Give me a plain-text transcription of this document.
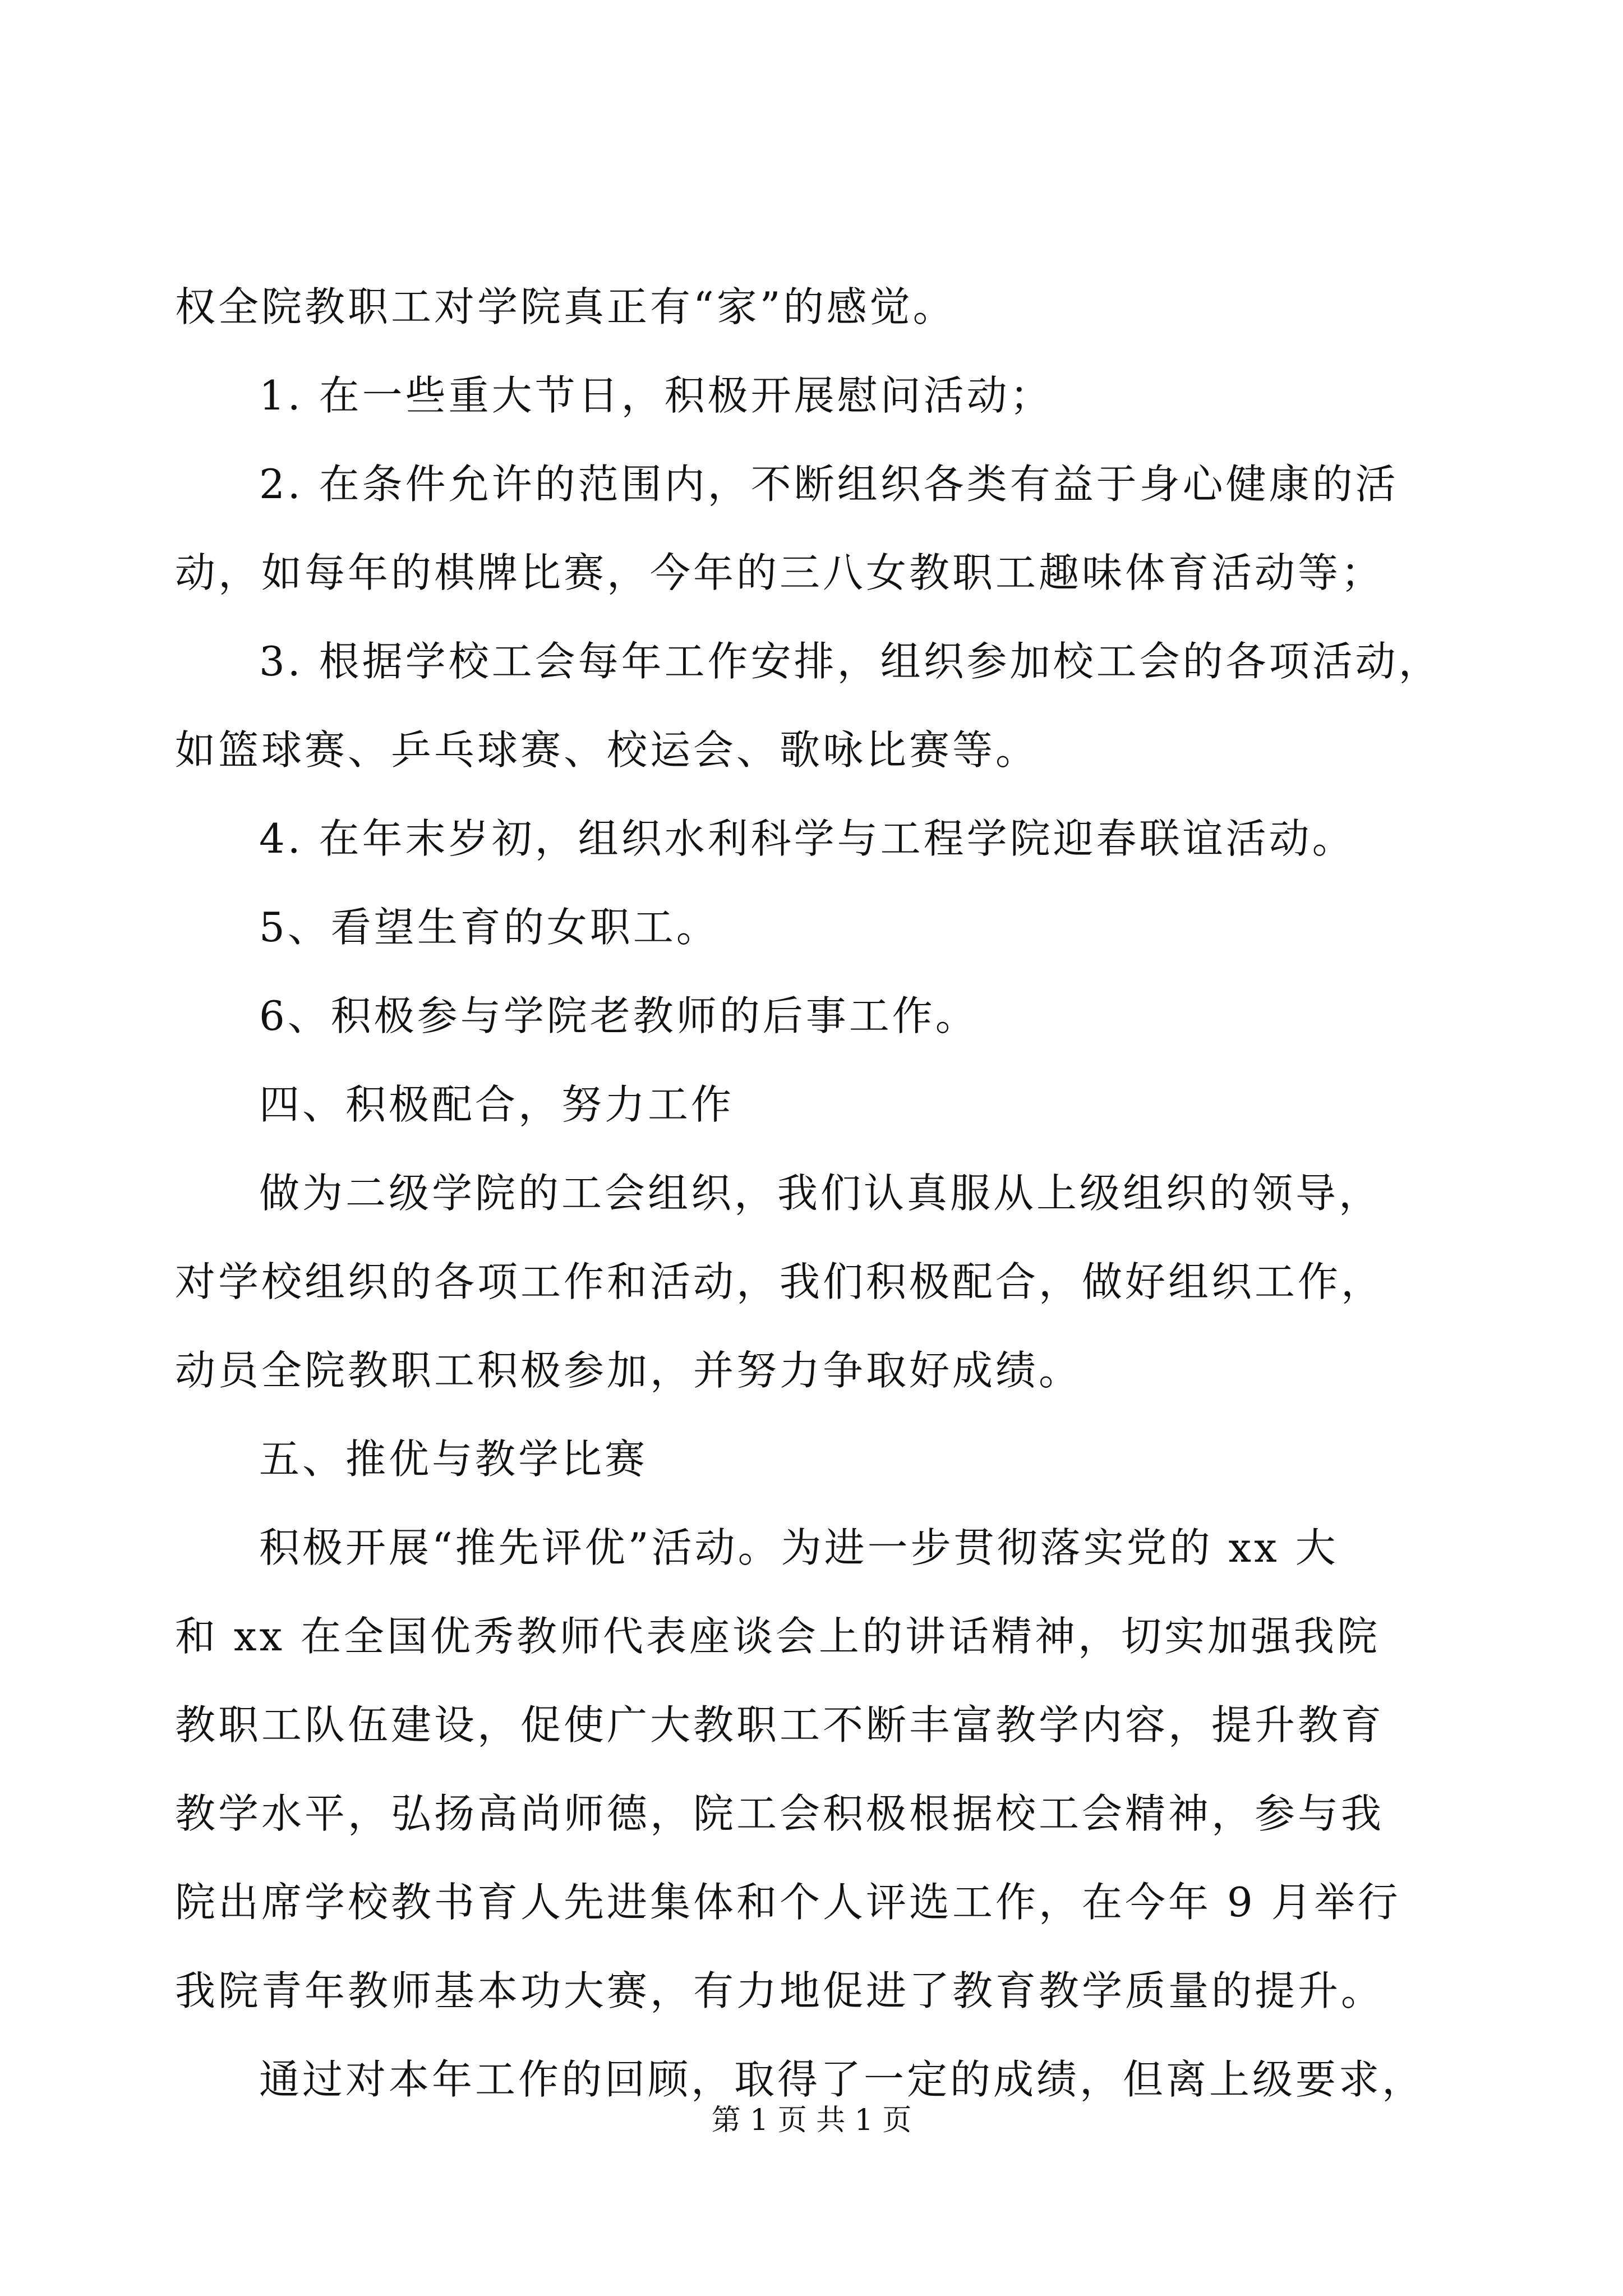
权全院教职工对学院真正有“家”的感觉。
1. 在一些重大节日，积极开展慰问活动；
2. 在条件允许的范围内，不断组织各类有益于身心健康的活
动，如每年的棋牌比赛，今年的三八女教职工趣味体育活动等；
3. 根据学校工会每年工作安排，组织参加校工会的各项活动，
如篮球赛、乒乓球赛、校运会、歌咏比赛等。
4. 在年末岁初，组织水利科学与工程学院迎春联谊活动。
5、看望生育的女职工。
6、积极参与学院老教师的后事工作。
四、积极配合，努力工作
做为二级学院的工会组织，我们认真服从上级组织的领导，
对学校组织的各项工作和活动，我们积极配合，做好组织工作，
动员全院教职工积极参加，并努力争取好成绩。
五、推优与教学比赛
积极开展“推先评优”活动。为进一步贯彻落实党的 xx 大
和 xx 在全国优秀教师代表座谈会上的讲话精神，切实加强我院
教职工队伍建设，促使广大教职工不断丰富教学内容，提升教育
教学水平，弘扬高尚师德，院工会积极根据校工会精神，参与我
院出席学校教书育人先进集体和个人评选工作，在今年 9 月举行
我院青年教师基本功大赛，有力地促进了教育教学质量的提升。
通过对本年工作的回顾，取得了一定的成绩，但离上级要求，
第 1 页 共 1 页
